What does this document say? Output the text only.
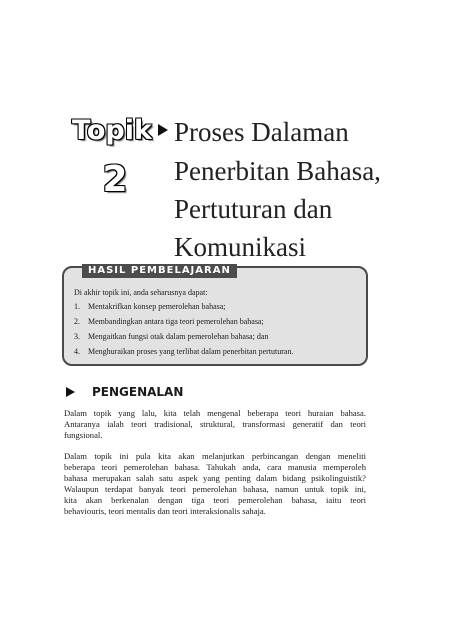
Topik
2
Proses Dalaman
Penerbitan Bahasa,
Pertuturan dan
Komunikasi
HASIL PEMBELAJARAN
Di akhir topik ini, anda seharusnya dapat:
1. Mentakrifkan konsep pemerolehan bahasa;
2. Membandingkan antara tiga teori pemerolehan bahasa;
3. Mengaitkan fungsi otak dalam pemerolehan bahasa; dan
4. Menghuraikan proses yang terlibat dalam penerbitan pertuturan.
PENGENALAN
Dalam topik yang lalu, kita telah mengenal beberapa teori huraian bahasa.
Antaranya ialah teori tradisional, struktural, transformasi generatif dan teori
fungsional.
Dalam topik ini pula kita akan melanjutkan perbincangan dengan meneliti
beberapa teori pemerolehan bahasa. Tahukah anda, cara manusia memperoleh
bahasa merupakan salah satu aspek yang penting dalam bidang psikolinguistik?
Walaupun terdapat banyak teori pemerolehan bahasa, namun untuk topik ini,
kita akan berkenalan dengan tiga teori pemerolehan bahasa, iaitu teori
behaviouris, teori mentalis dan teori interaksionalis sahaja.
